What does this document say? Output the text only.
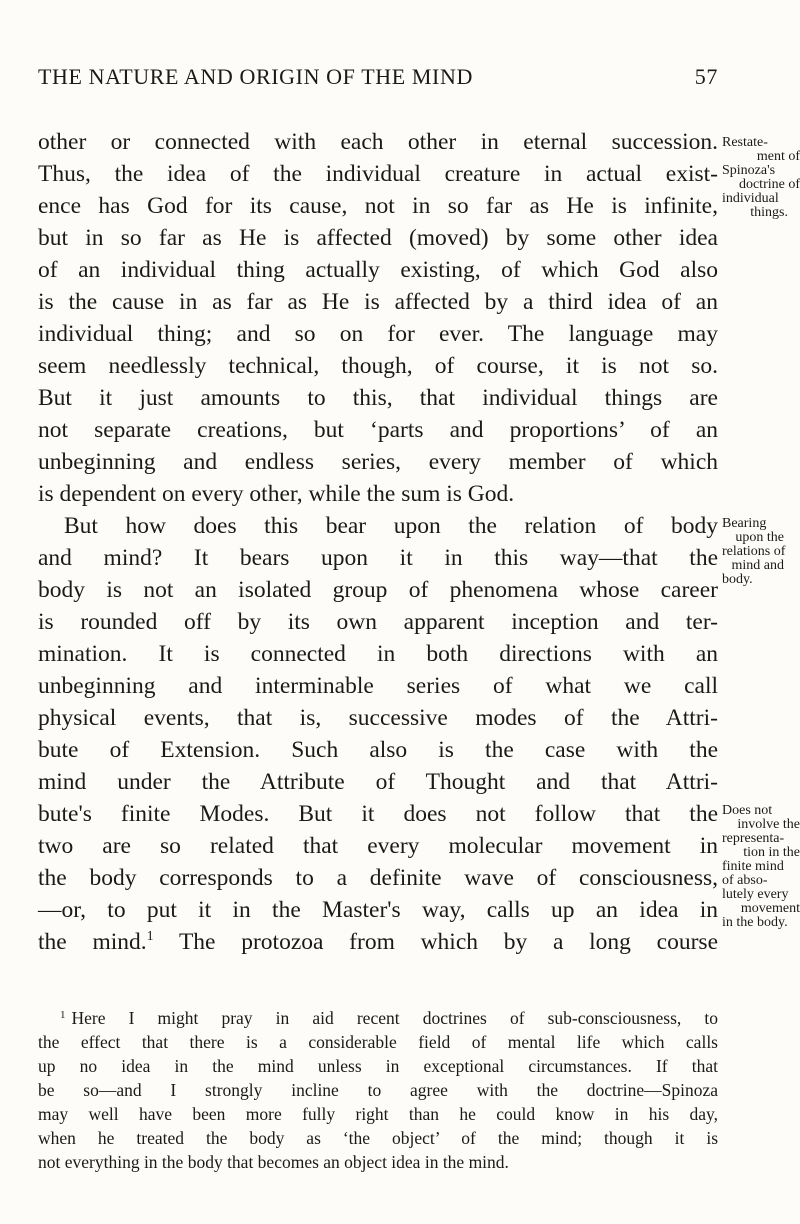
THE NATURE AND ORIGIN OF THE MIND	57
other or connected with each other in eternal succession.
Thus, the idea of the individual creature in actual exist-
ence has God for its cause, not in so far as He is infinite,
but in so far as He is affected (moved) by some other idea
of an individual thing actually existing, of which God also
is the cause in as far as He is affected by a third idea of an
individual thing; and so on for ever. The language may
seem needlessly technical, though, of course, it is not so.
But it just amounts to this, that individual things are
not separate creations, but ‘parts and proportions’ of an
unbeginning and endless series, every member of which
is dependent on every other, while the sum is God.
But how does this bear upon the relation of body
and mind? It bears upon it in this way—that the
body is not an isolated group of phenomena whose career
is rounded off by its own apparent inception and ter-
mination. It is connected in both directions with an
unbeginning and interminable series of what we call
physical events, that is, successive modes of the Attri-
bute of Extension. Such also is the case with the
mind under the Attribute of Thought and that Attri-
bute's finite Modes. But it does not follow that the
two are so related that every molecular movement in
the body corresponds to a definite wave of consciousness,
—or, to put it in the Master's way, calls up an idea in
the mind.$^1$ The protozoa from which by a long course
Restate-
ment of
Spinoza's
doctrine of
individual
things.
Bearing
upon the
relations of
mind and
body.
Does not
involve the
representa-
tion in the
finite mind
of abso-
lutely every
movement
in the body.
$^1$ Here I might pray in aid recent doctrines of sub-consciousness, to
the effect that there is a considerable field of mental life which calls
up no idea in the mind unless in exceptional circumstances. If that
be so—and I strongly incline to agree with the doctrine—Spinoza
may well have been more fully right than he could know in his day,
when he treated the body as ‘the object’ of the mind; though it is
not everything in the body that becomes an object idea in the mind.
